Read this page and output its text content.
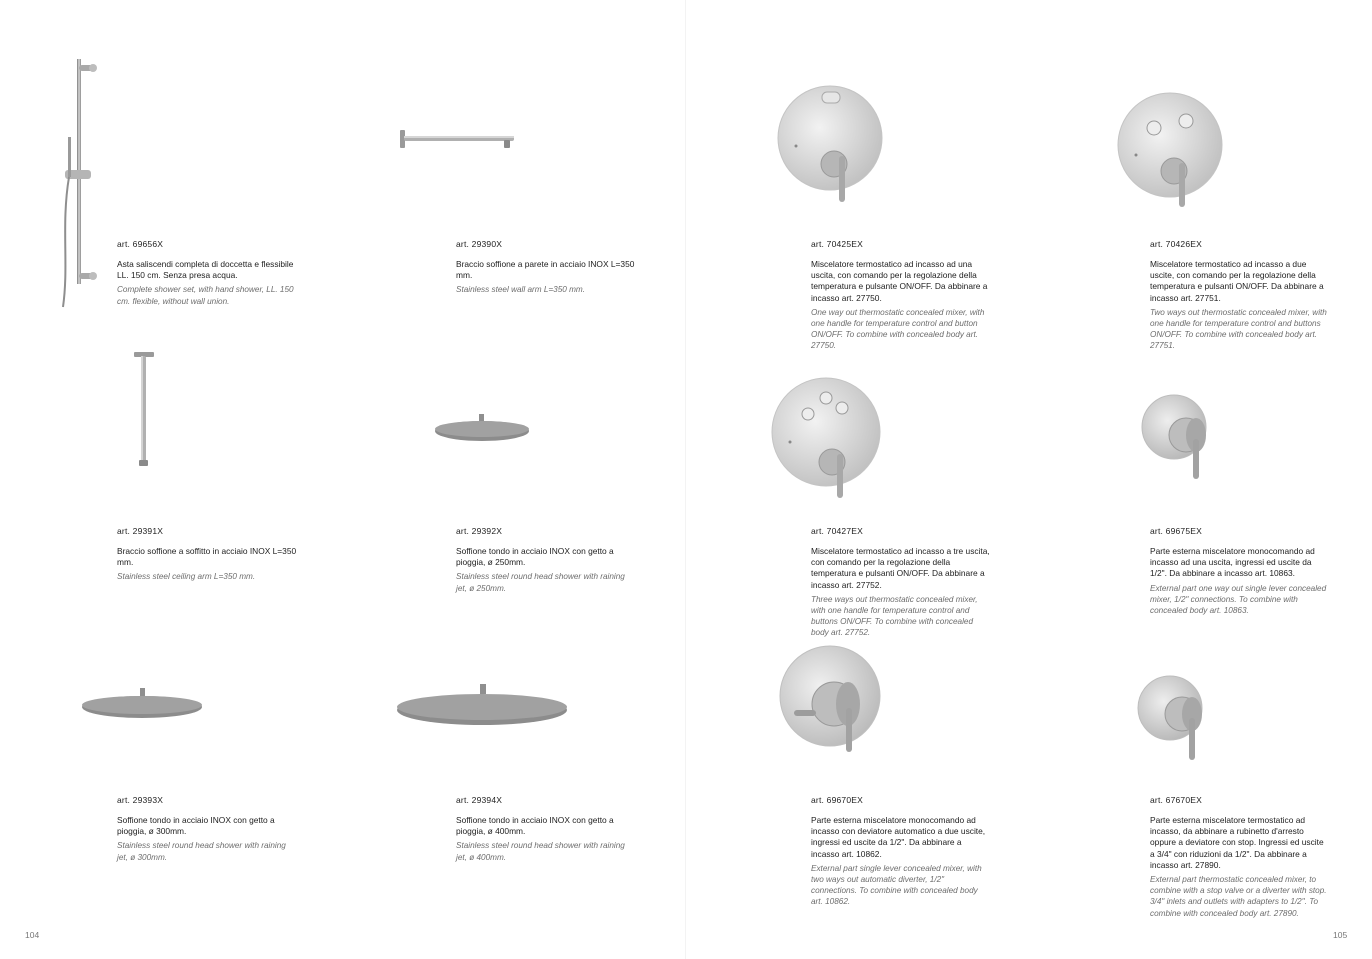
art. 69656X
Asta saliscendi completa di doccetta e flessibile LL. 150 cm. Senza presa acqua.
Complete shower set, with hand shower, LL. 150 cm. flexible, without wall union.
art. 29390X
Braccio soffione a parete in acciaio INOX L=350 mm.
Stainless steel wall arm L=350 mm.
art. 70425EX
Miscelatore termostatico ad incasso ad una uscita, con comando per la regolazione della temperatura e pulsante ON/OFF. Da abbinare a incasso art. 27750.
One way out thermostatic concealed mixer, with one handle for temperature control and button ON/OFF. To combine with concealed body art. 27750.
art. 70426EX
Miscelatore termostatico ad incasso a due uscite, con comando per la regolazione della temperatura e pulsanti ON/OFF. Da abbinare a incasso art. 27751.
Two ways out thermostatic concealed mixer, with one handle for temperature control and buttons ON/OFF. To combine with concealed body art. 27751.
art. 29391X
Braccio soffione a soffitto in acciaio INOX L=350 mm.
Stainless steel ceiling arm L=350 mm.
art. 29392X
Soffione tondo in acciaio INOX con getto a pioggia, ø 250mm.
Stainless steel round head shower with raining jet, ø 250mm.
art. 70427EX
Miscelatore termostatico ad incasso a tre uscita, con comando per la regolazione della temperatura e pulsanti ON/OFF. Da abbinare a incasso art. 27752.
Three ways out thermostatic concealed mixer, with one handle for temperature control and buttons ON/OFF. To combine with concealed body art. 27752.
art. 69675EX
Parte esterna miscelatore monocomando ad incasso ad una uscita, ingressi ed uscite da 1/2". Da abbinare a incasso art. 10863.
External part one way out single lever concealed mixer, 1/2" connections. To combine with concealed body art. 10863.
art. 29393X
Soffione tondo in acciaio INOX con getto a pioggia, ø 300mm.
Stainless steel round head shower with raining jet, ø 300mm.
art. 29394X
Soffione tondo in acciaio INOX con getto a pioggia, ø 400mm.
Stainless steel round head shower with raining jet, ø 400mm.
art. 69670EX
Parte esterna miscelatore monocomando ad incasso con deviatore automatico a due uscite, ingressi ed uscite da 1/2". Da abbinare a incasso art. 10862.
External part single lever concealed mixer, with two ways out automatic diverter, 1/2" connections. To combine with concealed body art. 10862.
art. 67670EX
Parte esterna miscelatore termostatico ad incasso, da abbinare a rubinetto d'arresto oppure a deviatore con stop. Ingressi ed uscite a 3/4" con riduzioni da 1/2". Da abbinare a incasso art. 27890.
External part thermostatic concealed mixer, to combine with a stop valve or a diverter with stop. 3/4" inlets and outlets with adapters to 1/2". To combine with concealed body art. 27890.
104	105
